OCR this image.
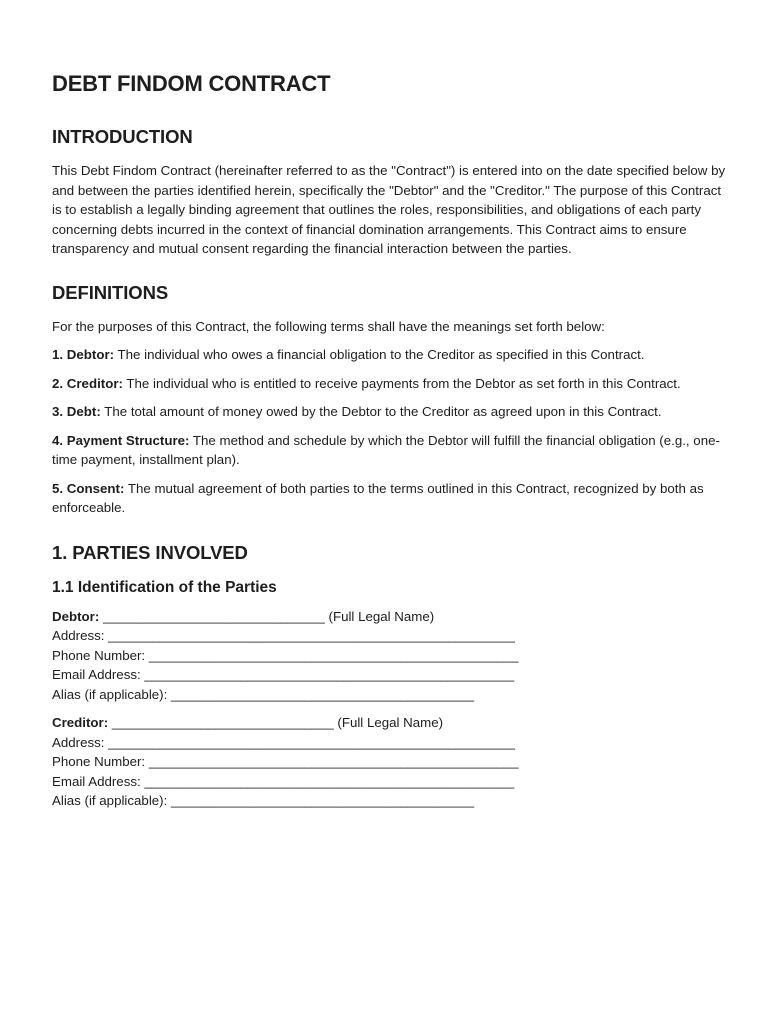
DEBT FINDOM CONTRACT
INTRODUCTION

This Debt Findom Contract (hereinafter referred to as the "Contract") is entered into on the date specified below by and between the parties identified herein, specifically the "Debtor" and the "Creditor." The purpose of this Contract is to establish a legally binding agreement that outlines the roles, responsibilities, and obligations of each party concerning debts incurred in the context of financial domination arrangements. This Contract aims to ensure transparency and mutual consent regarding the financial interaction between the parties.

DEFINITIONS

For the purposes of this Contract, the following terms shall have the meanings set forth below:

1. Debtor: The individual who owes a financial obligation to the Creditor as specified in this Contract.

2. Creditor: The individual who is entitled to receive payments from the Debtor as set forth in this Contract.

3. Debt: The total amount of money owed by the Debtor to the Creditor as agreed upon in this Contract.

4. Payment Structure: The method and schedule by which the Debtor will fulfill the financial obligation (e.g., one-time payment, installment plan).

5. Consent: The mutual agreement of both parties to the terms outlined in this Contract, recognized by both as enforceable.

1. PARTIES INVOLVED
1.1 Identification of the Parties
Debtor: ______________________________ (Full Legal Name)
Address: _______________________________________________________
Phone Number: __________________________________________________
Email Address: __________________________________________________
Alias (if applicable): _________________________________________
Creditor: ______________________________ (Full Legal Name)
Address: _______________________________________________________
Phone Number: __________________________________________________
Email Address: __________________________________________________
Alias (if applicable): _________________________________________
